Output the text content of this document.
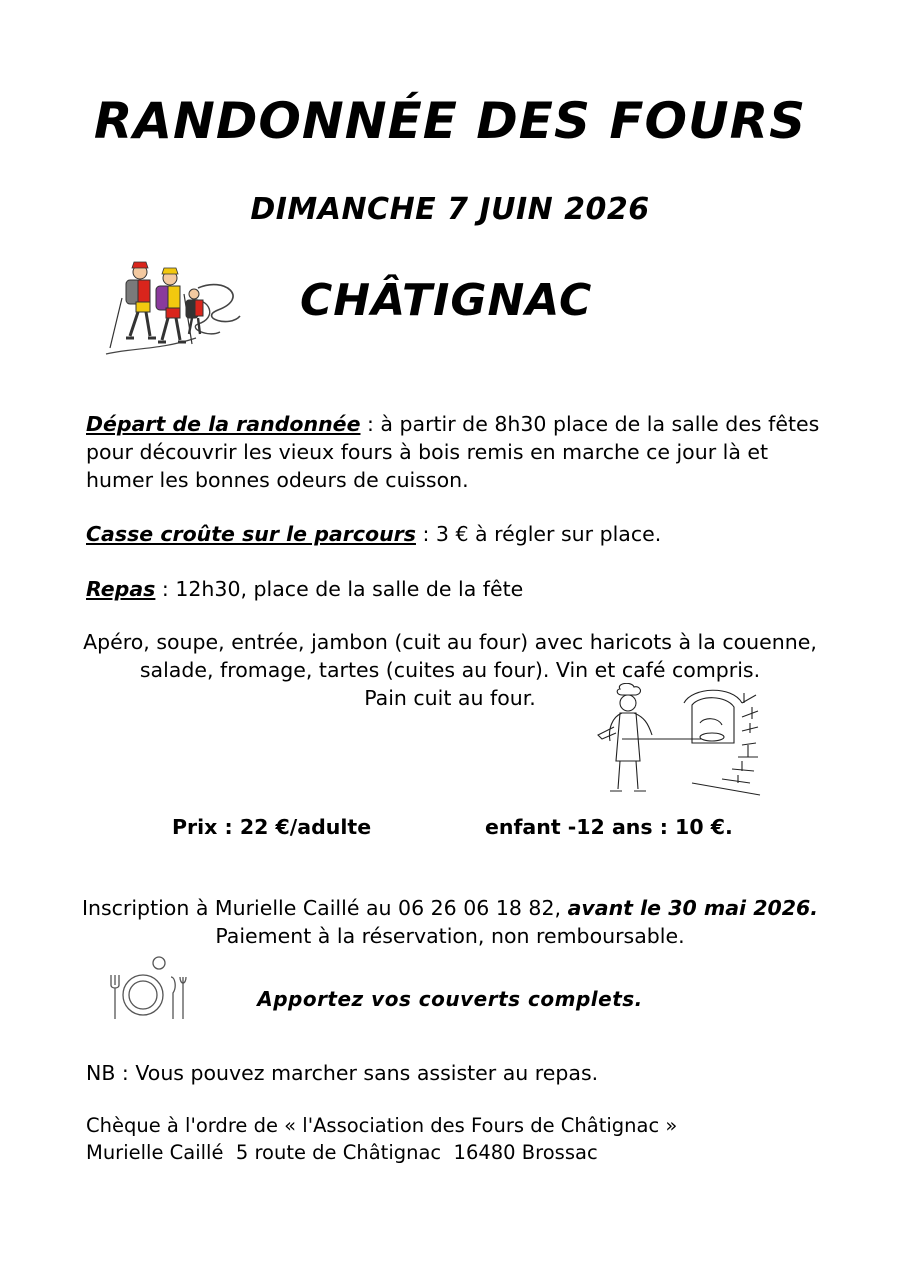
RANDONNÉE DES FOURS
DIMANCHE 7 JUIN 2026
CHÂTIGNAC
Départ de la randonnée : à partir de 8h30 place de la salle des fêtes pour découvrir les vieux fours à bois remis en marche ce jour là et humer les bonnes odeurs de cuisson.
Casse croûte sur le parcours : 3 € à régler sur place.
Repas : 12h30, place de la salle de la fête
Apéro, soupe, entrée, jambon (cuit au four) avec haricots à la couenne,
salade, fromage, tartes (cuites au four). Vin et café compris.
Pain cuit au four.
Prix : 22 €/adulte	enfant -12 ans : 10 €.
Inscription à Murielle Caillé au 06 26 06 18 82, avant le 30 mai 2026.
Paiement à la réservation, non remboursable.
Apportez vos couverts complets.
NB : Vous pouvez marcher sans assister au repas.
Chèque à l'ordre de « l'Association des Fours de Châtignac »
Murielle Caillé  5 route de Châtignac  16480 Brossac
